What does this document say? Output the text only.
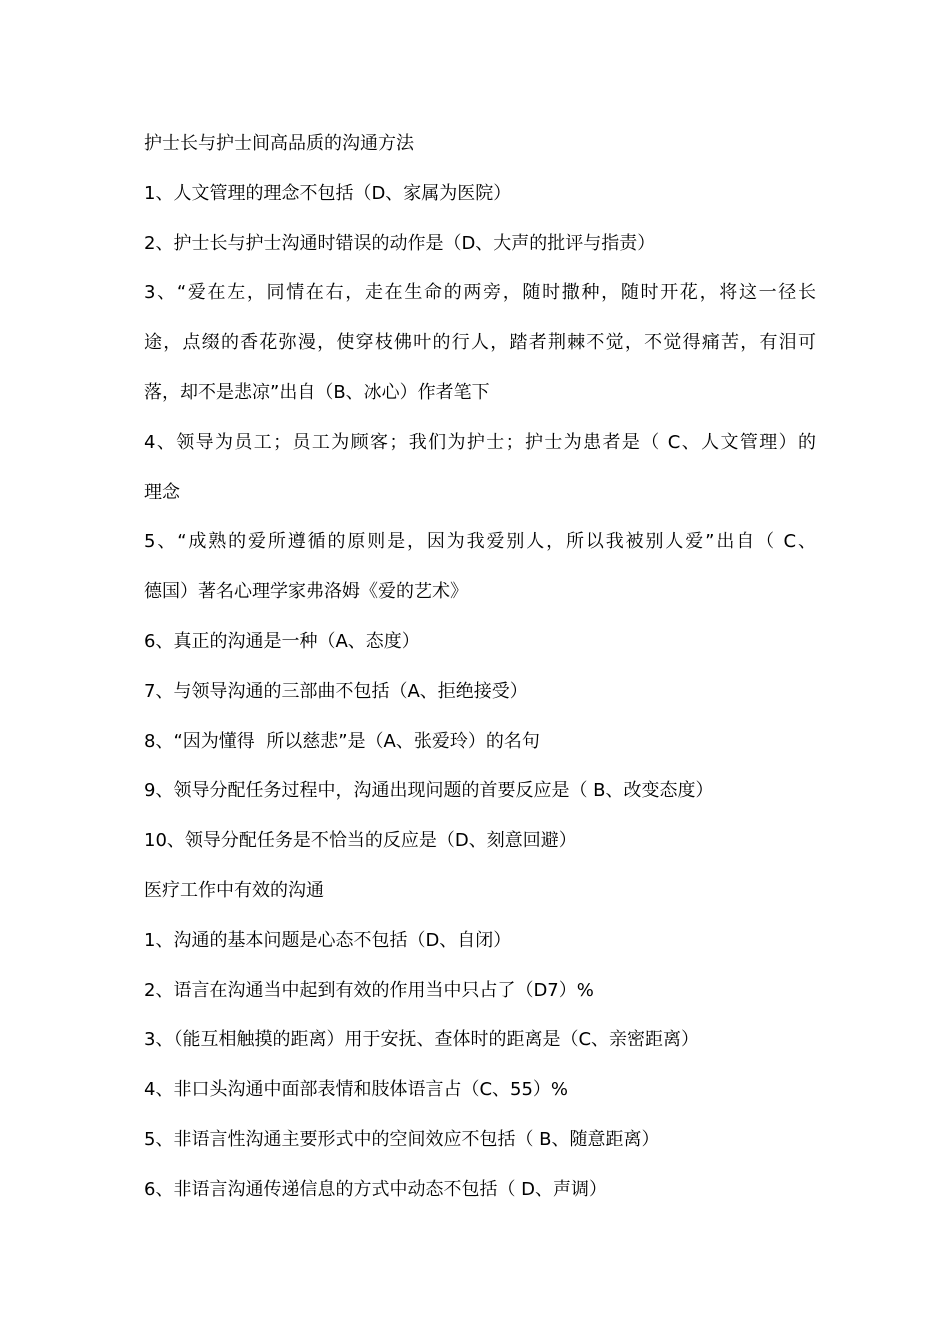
护士长与护士间高品质的沟通方法
1、人文管理的理念不包括（D、家属为医院）
2、护士长与护士沟通时错误的动作是（D、大声的批评与指责）
3、“爱在左，同情在右，走在生命的两旁，随时撒种，随时开花，将这一径长
途，点缀的香花弥漫，使穿枝佛叶的行人，踏者荆棘不觉，不觉得痛苦，有泪可
落，却不是悲凉”出自（B、冰心）作者笔下
4、领导为员工；员工为顾客；我们为护士；护士为患者是（ C、人文管理）的
理念
5、“成熟的爱所遵循的原则是，因为我爱别人，所以我被别人爱”出自（ C、
德国）著名心理学家弗洛姆《爱的艺术》
6、真正的沟通是一种（A、态度）
7、与领导沟通的三部曲不包括（A、拒绝接受）
8、“因为懂得  所以慈悲”是（A、张爱玲）的名句
9、领导分配任务过程中，沟通出现问题的首要反应是（ B、改变态度）
10、领导分配任务是不恰当的反应是（D、刻意回避）
医疗工作中有效的沟通
1、沟通的基本问题是心态不包括（D、自闭）
2、语言在沟通当中起到有效的作用当中只占了（D7）%
3、（能互相触摸的距离）用于安抚、查体时的距离是（C、亲密距离）
4、非口头沟通中面部表情和肢体语言占（C、55）%
5、非语言性沟通主要形式中的空间效应不包括（ B、随意距离）
6、非语言沟通传递信息的方式中动态不包括（ D、声调）
